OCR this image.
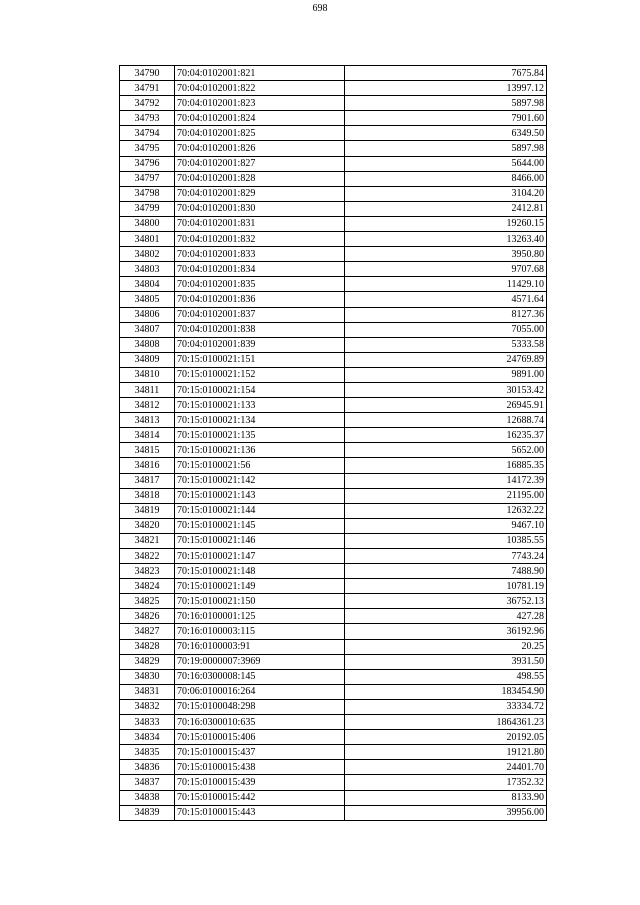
698
34790	70:04:0102001:821	7675.84
34791	70:04:0102001:822	13997.12
34792	70:04:0102001:823	5897.98
34793	70:04:0102001:824	7901.60
34794	70:04:0102001:825	6349.50
34795	70:04:0102001:826	5897.98
34796	70:04:0102001:827	5644.00
34797	70:04:0102001:828	8466.00
34798	70:04:0102001:829	3104.20
34799	70:04:0102001:830	2412.81
34800	70:04:0102001:831	19260.15
34801	70:04:0102001:832	13263.40
34802	70:04:0102001:833	3950.80
34803	70:04:0102001:834	9707.68
34804	70:04:0102001:835	11429.10
34805	70:04:0102001:836	4571.64
34806	70:04:0102001:837	8127.36
34807	70:04:0102001:838	7055.00
34808	70:04:0102001:839	5333.58
34809	70:15:0100021:151	24769.89
34810	70:15:0100021:152	9891.00
34811	70:15:0100021:154	30153.42
34812	70:15:0100021:133	26945.91
34813	70:15:0100021:134	12688.74
34814	70:15:0100021:135	16235.37
34815	70:15:0100021:136	5652.00
34816	70:15:0100021:56	16885.35
34817	70:15:0100021:142	14172.39
34818	70:15:0100021:143	21195.00
34819	70:15:0100021:144	12632.22
34820	70:15:0100021:145	9467.10
34821	70:15:0100021:146	10385.55
34822	70:15:0100021:147	7743.24
34823	70:15:0100021:148	7488.90
34824	70:15:0100021:149	10781.19
34825	70:15:0100021:150	36752.13
34826	70:16:0100001:125	427.28
34827	70:16:0100003:115	36192.96
34828	70:16:0100003:91	20.25
34829	70:19:0000007:3969	3931.50
34830	70:16:0300008:145	498.55
34831	70:06:0100016:264	183454.90
34832	70:15:0100048:298	33334.72
34833	70:16:0300010:635	1864361.23
34834	70:15:0100015:406	20192.05
34835	70:15:0100015:437	19121.80
34836	70:15:0100015:438	24401.70
34837	70:15:0100015:439	17352.32
34838	70:15:0100015:442	8133.90
34839	70:15:0100015:443	39956.00
